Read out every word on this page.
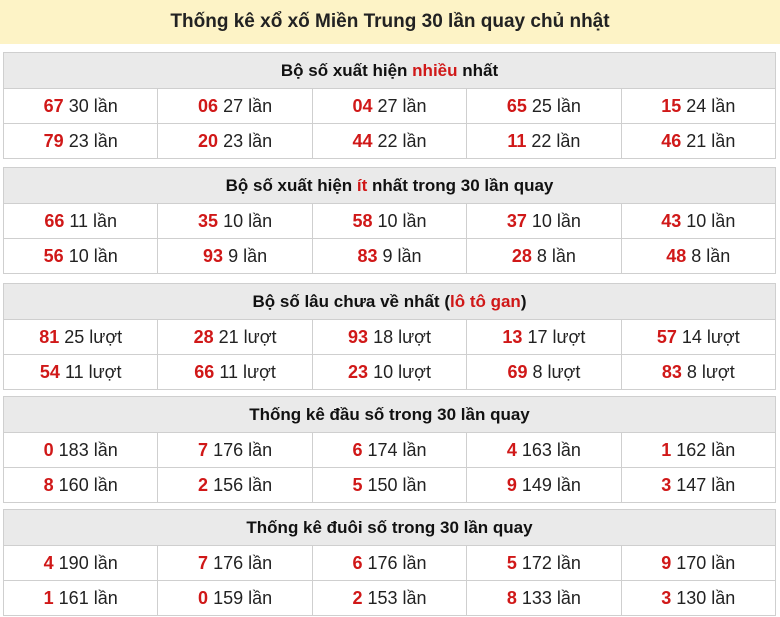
Thống kê xổ xố Miền Trung 30 lần quay chủ nhật
Bộ số xuất hiện nhiều nhất
67 30 lần	06 27 lần	04 27 lần	65 25 lần	15 24 lần
79 23 lần	20 23 lần	44 22 lần	11 22 lần	46 21 lần
Bộ số xuất hiện ít nhất trong 30 lần quay
66 11 lần	35 10 lần	58 10 lần	37 10 lần	43 10 lần
56 10 lần	93 9 lần	83 9 lần	28 8 lần	48 8 lần
Bộ số lâu chưa về nhất ( lô tô gan )
81 25 lượt	28 21 lượt	93 18 lượt	13 17 lượt	57 14 lượt
54 11 lượt	66 11 lượt	23 10 lượt	69 8 lượt	83 8 lượt
Thống kê đầu số trong 30 lần quay
0 183 lần	7 176 lần	6 174 lần	4 163 lần	1 162 lần
8 160 lần	2 156 lần	5 150 lần	9 149 lần	3 147 lần
Thống kê đuôi số trong 30 lần quay
4 190 lần	7 176 lần	6 176 lần	5 172 lần	9 170 lần
1 161 lần	0 159 lần	2 153 lần	8 133 lần	3 130 lần
